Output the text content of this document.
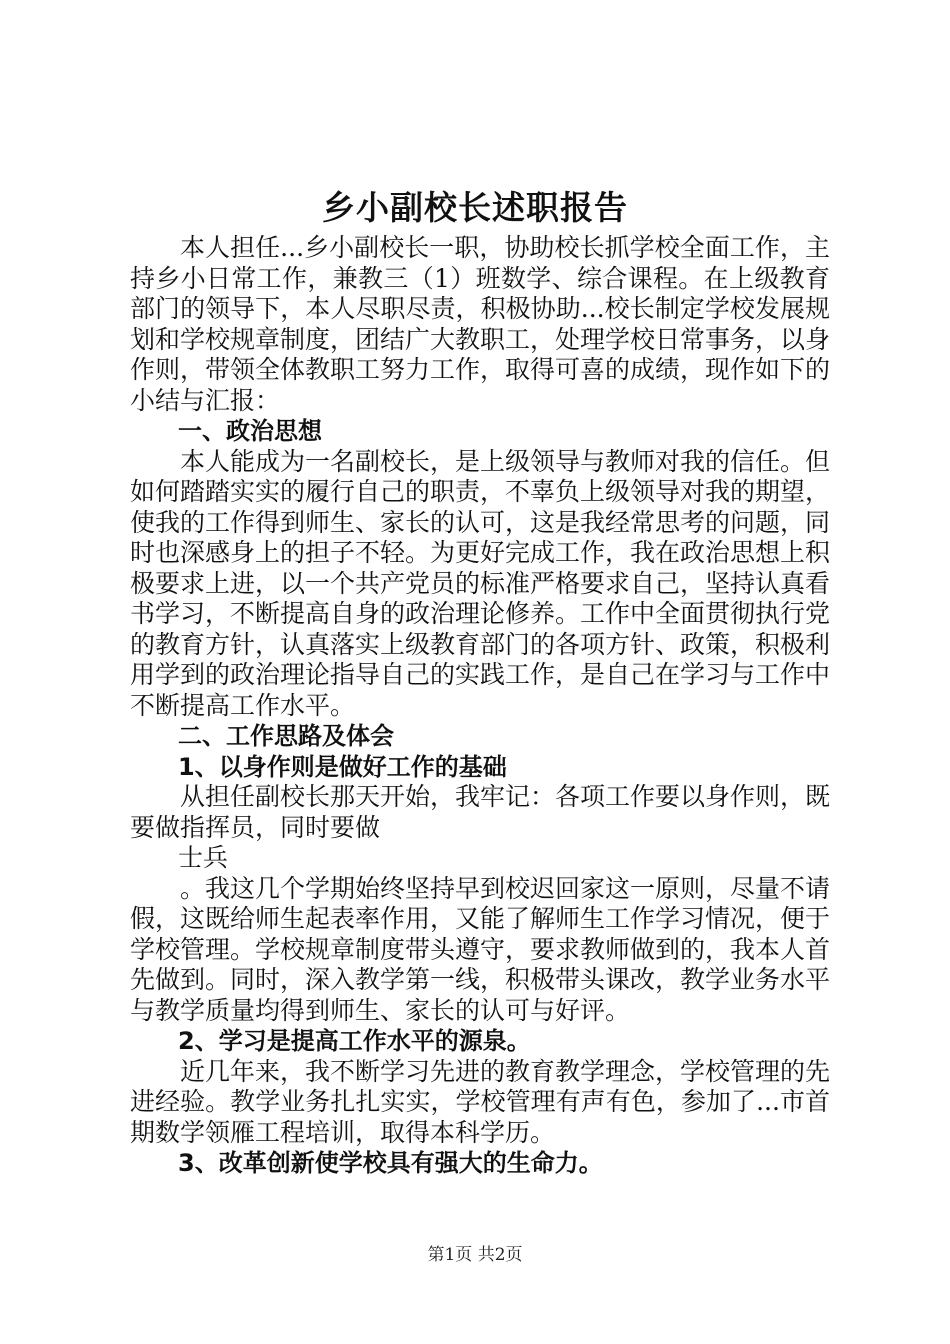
乡小副校长述职报告

本人担任...乡小副校长一职，协助校长抓学校全面工作，主持乡小日常工作，兼教三（1）班数学、综合课程。在上级教育部门的领导下，本人尽职尽责，积极协助...校长制定学校发展规划和学校规章制度，团结广大教职工，处理学校日常事务，以身作则，带领全体教职工努力工作，取得可喜的成绩，现作如下的小结与汇报：

一、政治思想

本人能成为一名副校长，是上级领导与教师对我的信任。但如何踏踏实实的履行自己的职责，不辜负上级领导对我的期望，使我的工作得到师生、家长的认可，这是我经常思考的问题，同时也深感身上的担子不轻。为更好完成工作，我在政治思想上积极要求上进，以一个共产党员的标准严格要求自己，坚持认真看书学习，不断提高自身的政治理论修养。工作中全面贯彻执行党的教育方针，认真落实上级教育部门的各项方针、政策，积极利用学到的政治理论指导自己的实践工作，是自己在学习与工作中不断提高工作水平。

二、工作思路及体会

1、以身作则是做好工作的基础

从担任副校长那天开始，我牢记：各项工作要以身作则，既要做指挥员，同时要做

士兵

。我这几个学期始终坚持早到校迟回家这一原则，尽量不请假，这既给师生起表率作用，又能了解师生工作学习情况，便于学校管理。学校规章制度带头遵守，要求教师做到的，我本人首先做到。同时，深入教学第一线，积极带头课改，教学业务水平与教学质量均得到师生、家长的认可与好评。

2、学习是提高工作水平的源泉。

近几年来，我不断学习先进的教育教学理念，学校管理的先进经验。教学业务扎扎实实，学校管理有声有色，参加了...市首期数学领雁工程培训，取得本科学历。

3、改革创新使学校具有强大的生命力。

第1页 共2页
